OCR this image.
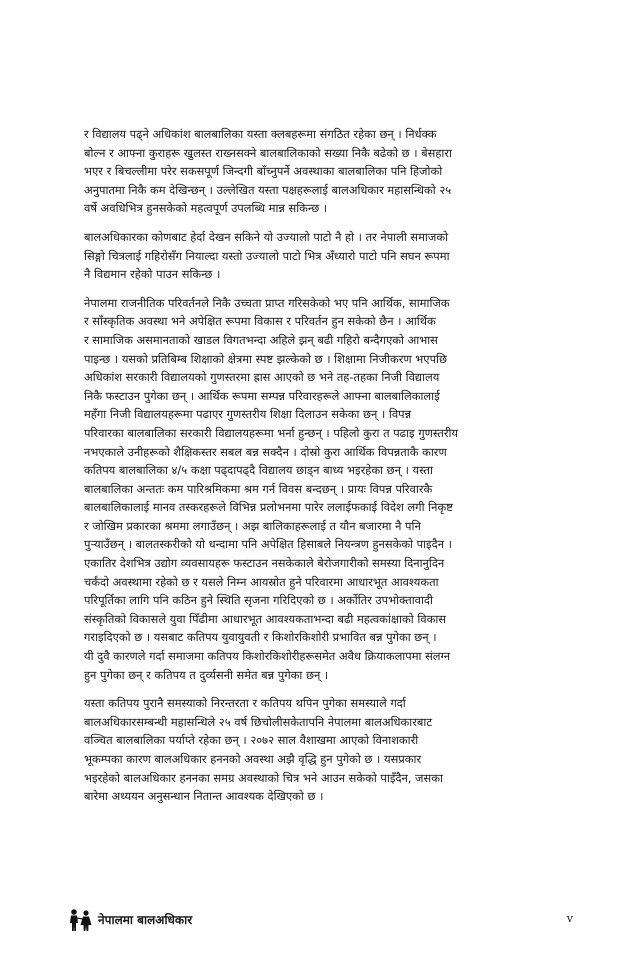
र विद्यालय पढ्ने अधिकांश बालबालिका यस्ता क्लबहरूमा संगठित रहेका छन् । निर्धक्क
बोल्न र आफ्ना कुराहरू खुलस्त राख्नसक्ने बालबालिकाको सख्या निकै बढेको छ । बेसहारा
भएर र बिचल्लीमा परेर सकसपूर्ण जिन्दगी बाँच्नुपर्ने अवस्थाका बालबालिका पनि हिजोको
अनुपातमा निकै कम देखिन्छन् । उल्लेखित यस्ता पक्षहरूलाई बालअधिकार महासन्धिको २५
वर्षे अवधिभित्र हुनसकेको महत्वपूर्ण उपलब्धि मान्न सकिन्छ ।
बालअधिकारका कोणबाट हेर्दा देखन सकिने यो उज्यालो पाटो नै हो । तर नेपाली समाजको
सिङ्गो चित्रलाई गहिरोसँग नियाल्दा यस्तो उज्यालो पाटो भित्र अँध्यारो पाटो पनि सघन रूपमा
नै विद्यमान रहेको पाउन सकिन्छ ।
नेपालमा राजनीतिक परिवर्तनले निकै उच्चता प्राप्त गरिसकेको भए पनि आर्थिक, सामाजिक
र साँस्कृतिक अवस्था भने अपेक्षित रूपमा विकास र परिवर्तन हुन सकेको छैन । आर्थिक
र सामाजिक असमानताको खाडल विगतभन्दा अहिले झन् बढी गहिरो बन्दैगएको आभास
पाइन्छ । यसको प्रतिबिम्ब शिक्षाको क्षेत्रमा स्पष्ट झल्केको छ । शिक्षामा निजीकरण भएपछि
अधिकांश सरकारी विद्यालयको गुणस्तरमा ह्रास आएको छ भने तह-तहका निजी विद्यालय
निकै फस्टाउन पुगेका छन् । आर्थिक रूपमा सम्पन्न परिवारहरूले आफ्ना बालबालिकालाई
महँगा निजी विद्यालयहरूमा पढाएर गुणस्तरीय शिक्षा दिलाउन सकेका छन् । विपन्न
परिवारका बालबालिका सरकारी विद्यालयहरूमा भर्ना हुन्छन् । पहिलो कुरा त पढाइ गुणस्तरीय
नभएकाले उनीहरूको शैक्षिकस्तर सबल बन्न सक्दैन । दोस्रो कुरा आर्थिक विपन्नताकै कारण
कतिपय बालबालिका ४/५ कक्षा पढ्दापढ्दै विद्यालय छाड्न बाध्य भइरहेका छन् । यस्ता
बालबालिका अन्ततः कम पारिश्रमिकमा श्रम गर्न विवस बन्दछन् । प्रायः विपन्न परिवारकै
बालबालिकालाई मानव तस्करहरूले विभिन्न प्रलोभनमा पारेर ललाईफकाई विदेश लगी निकृष्ट
र जोखिम प्रकारका श्रममा लगाउँछन् । अझ बालिकाहरूलाई त यौन बजारमा नै पनि
पुऱ्याउँछन् । बालतस्करीको यो धन्दामा पनि अपेक्षित हिसाबले नियन्त्रण हुनसकेको पाइदैन ।
एकातिर देशभित्र उद्योग व्यवसायहरू फस्टाउन नसकेकाले बेरोजगारीको समस्या दिनानुदिन
चर्कंदो अवस्थामा रहेको छ र यसले निम्न आयस्रोत हुने परिवारमा आधारभूत आवश्यकता
परिपूर्तिका लागि पनि कठिन हुने स्थिति सृजना गरिदिएको छ । अर्कोतिर उपभोक्तावादी
संस्कृतिको विकासले युवा पिँढीमा आधारभूत आवश्यकताभन्दा बढी महत्वकांक्षाको विकास
गराइदिएको छ । यसबाट कतिपय युवायुवती र किशोरकिशोरी प्रभावित बन्न पुगेका छन् ।
यी दुवै कारणले गर्दा समाजमा कतिपय किशोरकिशोरीहरूसमेत अवैध क्रियाकलापमा संलग्न
हुन पुगेका छन् र कतिपय त दुर्व्यसनी समेत बन्न पुगेका छन् ।
यस्ता कतिपय पुरानै समस्याको निरन्तरता र कतिपय थपिन पुगेका समस्याले गर्दा
बालअधिकारसम्बन्धी महासन्धिले २५ वर्ष छिचोलीसकेतापनि नेपालमा बालअधिकारबाट
वञ्चित बालबालिका पर्याप्ते रहेका छन् । २०७२ साल वैशाखमा आएको विनाशकारी
भूकम्पका कारण बालअधिकार हननको अवस्था अझै वृद्धि हुन पुगेको छ । यसप्रकार
भइरहेको बालअधिकार हननका समग्र अवस्थाको चित्र भने आउन सकेको पाइँदैन, जसका
बारेमा अध्ययन अनुसन्धान नितान्त आवश्यक देखिएको छ ।
नेपालमा बालअधिकार	v
